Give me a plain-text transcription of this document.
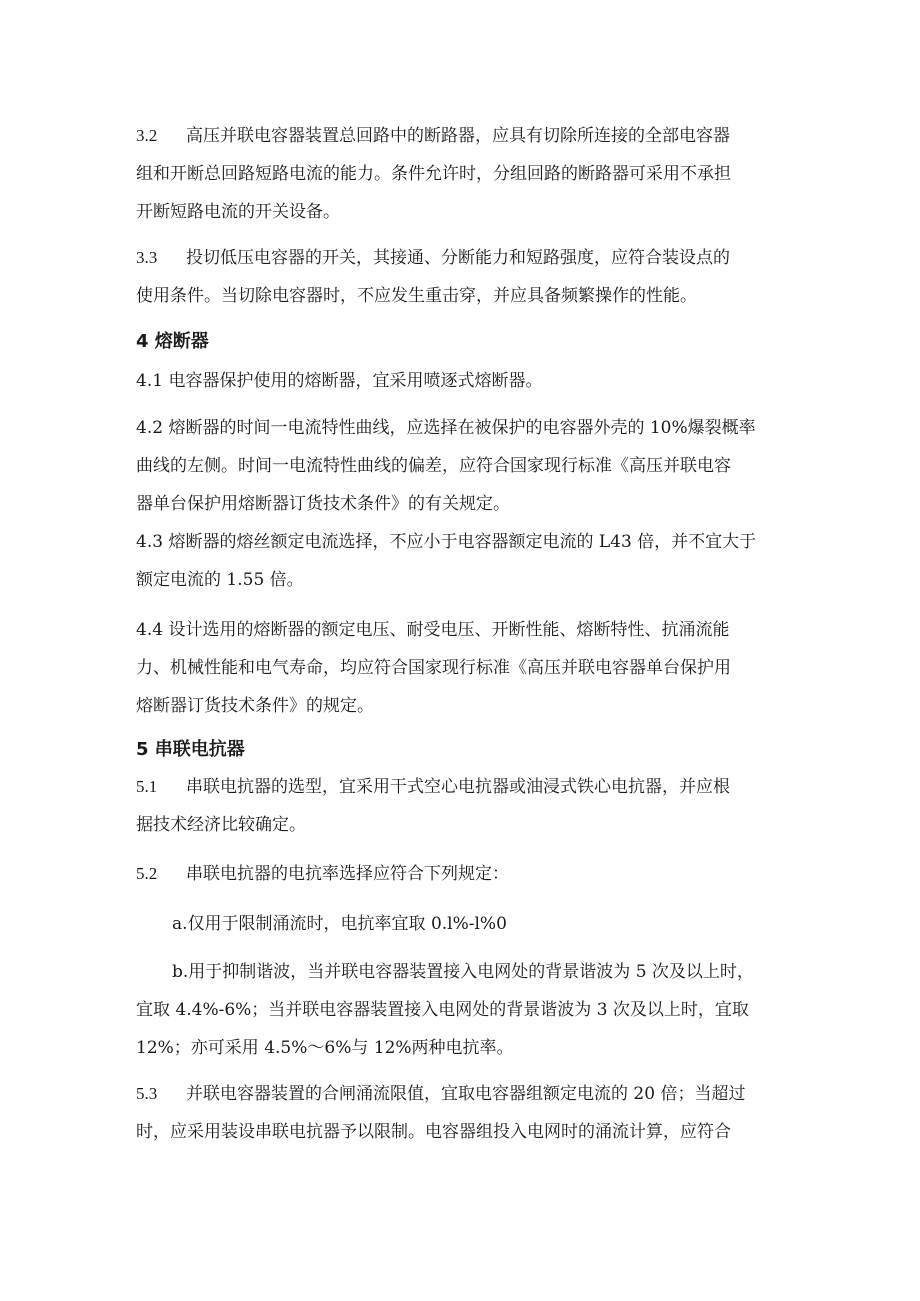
3.2 高压并联电容器装置总回路中的断路器，应具有切除所连接的全部电容器
组和开断总回路短路电流的能力。条件允许时，分组回路的断路器可采用不承担
开断短路电流的开关设备。
3.3 投切低压电容器的开关，其接通、分断能力和短路强度，应符合装设点的
使用条件。当切除电容器时，不应发生重击穿，并应具备频繁操作的性能。
4 熔断器
4.1 电容器保护使用的熔断器，宜采用喷逐式熔断器。
4.2 熔断器的时间一电流特性曲线，应选择在被保护的电容器外壳的 10%爆裂概率
曲线的左侧。时间一电流特性曲线的偏差，应符合国家现行标准《高压并联电容
器单台保护用熔断器订货技术条件》的有关规定。
4.3 熔断器的熔丝额定电流选择，不应小于电容器额定电流的 L43 倍，并不宜大于
额定电流的 1.55 倍。
4.4 设计选用的熔断器的额定电压、耐受电压、开断性能、熔断特性、抗涌流能
力、机械性能和电气寿命，均应符合国家现行标准《高压并联电容器单台保护用
熔断器订货技术条件》的规定。
5 串联电抗器
5.1 串联电抗器的选型，宜采用干式空心电抗器或油浸式铁心电抗器，并应根
据技术经济比较确定。
5.2 串联电抗器的电抗率选择应符合下列规定：
a.仅用于限制涌流时，电抗率宜取 0.l%-l%0
b.用于抑制谐波，当并联电容器装置接入电网处的背景谐波为 5 次及以上时，
宜取 4.4%-6%；当并联电容器装置接入电网处的背景谐波为 3 次及以上时，宜取
12%；亦可采用 4.5%～6%与 12%两种电抗率。
5.3 并联电容器装置的合闸涌流限值，宜取电容器组额定电流的 20 倍；当超过
时，应采用装设串联电抗器予以限制。电容器组投入电网时的涌流计算，应符合
